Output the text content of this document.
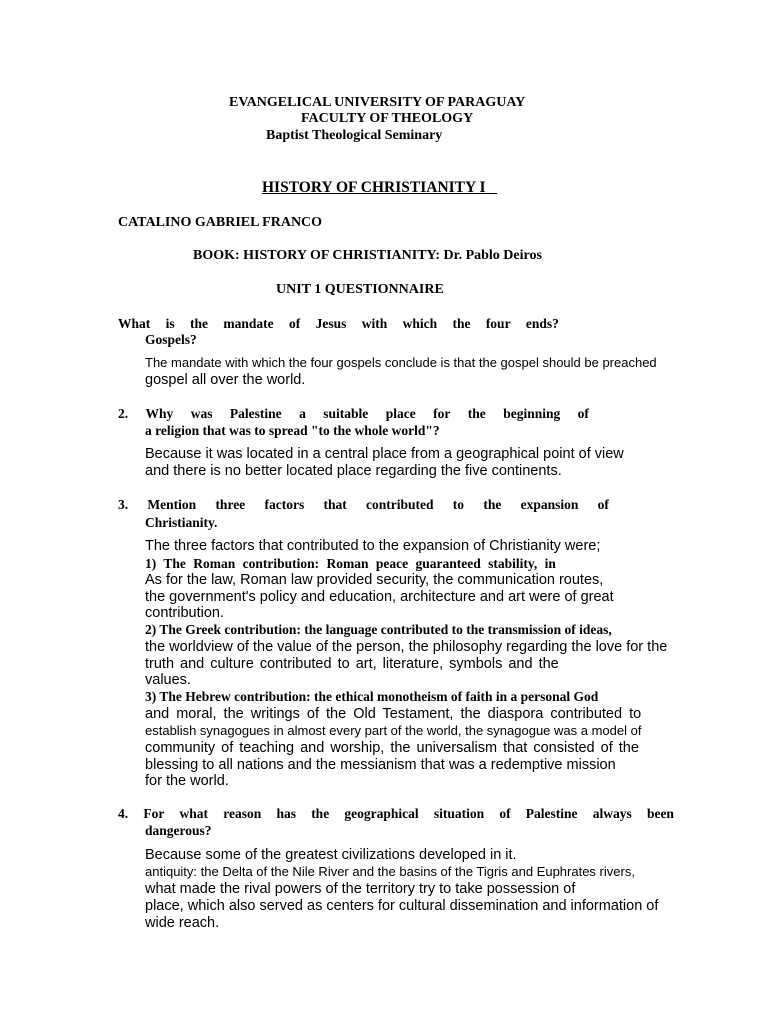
EVANGELICAL UNIVERSITY OF PARAGUAY
FACULTY OF THEOLOGY
Baptist Theological Seminary
HISTORY OF CHRISTIANITY I
CATALINO GABRIEL FRANCO
BOOK: HISTORY OF CHRISTIANITY: Dr. Pablo Deiros
UNIT 1 QUESTIONNAIRE
What is the mandate of Jesus with which the four ends?
Gospels?
The mandate with which the four gospels conclude is that the gospel should be preached
gospel all over the world.
2. Why was Palestine a suitable place for the beginning of
a religion that was to spread "to the whole world"?
Because it was located in a central place from a geographical point of view
and there is no better located place regarding the five continents.
3. Mention three factors that contributed to the expansion of
Christianity.
The three factors that contributed to the expansion of Christianity were;
1) The Roman contribution: Roman peace guaranteed stability, in
As for the law, Roman law provided security, the communication routes,
the government's policy and education, architecture and art were of great
contribution.
2) The Greek contribution: the language contributed to the transmission of ideas,
the worldview of the value of the person, the philosophy regarding the love for the
truth and culture contributed to art, literature, symbols and the
values.
3) The Hebrew contribution: the ethical monotheism of faith in a personal God
and moral, the writings of the Old Testament, the diaspora contributed to
establish synagogues in almost every part of the world, the synagogue was a model of
community of teaching and worship, the universalism that consisted of the
blessing to all nations and the messianism that was a redemptive mission
for the world.
4. For what reason has the geographical situation of Palestine always been
dangerous?
Because some of the greatest civilizations developed in it.
antiquity: the Delta of the Nile River and the basins of the Tigris and Euphrates rivers,
what made the rival powers of the territory try to take possession of
place, which also served as centers for cultural dissemination and information of
wide reach.
